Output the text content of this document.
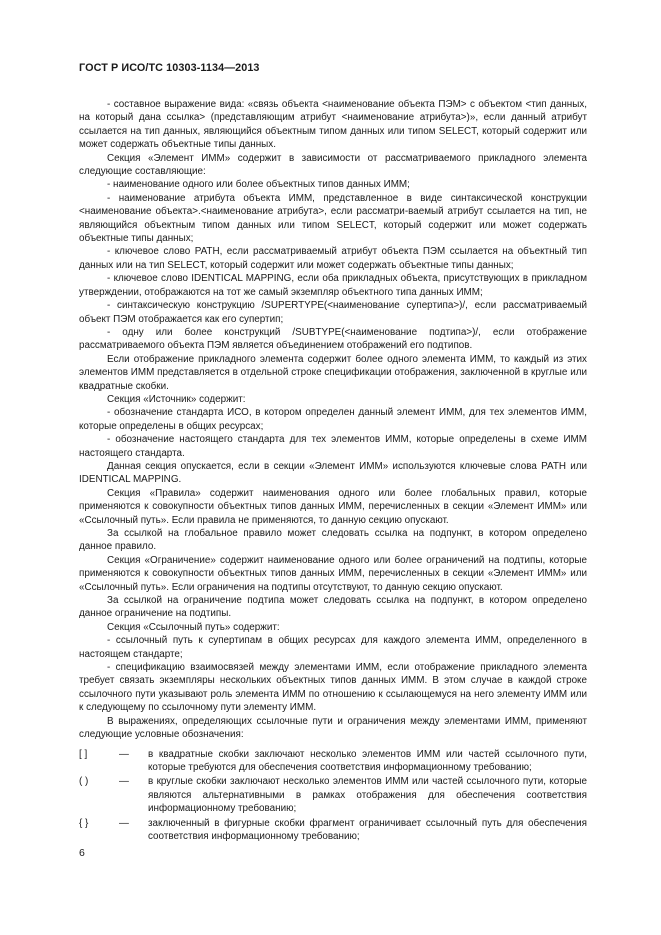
ГОСТ Р ИСО/ТС 10303-1134—2013

- составное выражение вида: «связь объекта <наименование объекта ПЭМ> с объектом <тип данных, на который дана ссылка> (представляющим атрибут <наименование атрибута>)», если данный атрибут ссылается на тип данных, являющийся объектным типом данных или типом SELECT, который содержит или может содержать объектные типы данных.

Секция «Элемент ИММ» содержит в зависимости от рассматриваемого прикладного элемента следующие составляющие:

- наименование одного или более объектных типов данных ИММ;

- наименование атрибута объекта ИММ, представленное в виде синтаксической конструкции <наименование объекта>.<наименование атрибута>, если рассматри-ваемый атрибут ссылается на тип, не являющийся объектным типом данных или типом SELECT, который содержит или может содержать объектные типы данных;

- ключевое слово PATH, если рассматриваемый атрибут объекта ПЭМ ссылается на объектный тип данных или на тип SELECT, который содержит или может содержать объектные типы данных;

- ключевое слово IDENTICAL MAPPING, если оба прикладных объекта, присутствующих в прикладном утверждении, отображаются на тот же самый экземпляр объектного типа данных ИММ;

- синтаксическую конструкцию /SUPERTYPE(<наименование супертипа>)/, если рассматриваемый объект ПЭМ отображается как его супертип;

- одну или более конструкций /SUBTYPE(<наименование подтипа>)/, если отображение рассматриваемого объекта ПЭМ является объединением отображений его подтипов.

Если отображение прикладного элемента содержит более одного элемента ИММ, то каждый из этих элементов ИММ представляется в отдельной строке спецификации отображения, заключенной в круглые или квадратные скобки.

Секция «Источник» содержит:

- обозначение стандарта ИСО, в котором определен данный элемент ИММ, для тех элементов ИММ, которые определены в общих ресурсах;

- обозначение настоящего стандарта для тех элементов ИММ, которые определены в схеме ИММ настоящего стандарта.

Данная секция опускается, если в секции «Элемент ИММ» используются ключевые слова PATH или IDENTICAL MAPPING.

Секция «Правила» содержит наименования одного или более глобальных правил, которые применяются к совокупности объектных типов данных ИММ, перечисленных в секции «Элемент ИММ» или «Ссылочный путь». Если правила не применяются, то данную секцию опускают.

За ссылкой на глобальное правило может следовать ссылка на подпункт, в котором определено данное правило.

Секция «Ограничение» содержит наименование одного или более ограничений на подтипы, которые применяются к совокупности объектных типов данных ИММ, перечисленных в секции «Элемент ИММ» или «Ссылочный путь». Если ограничения на подтипы отсутствуют, то данную секцию опускают.

За ссылкой на ограничение подтипа может следовать ссылка на подпункт, в котором определено данное ограничение на подтипы.

Секция «Ссылочный путь» содержит:

- ссылочный путь к супертипам в общих ресурсах для каждого элемента ИММ, определенного в настоящем стандарте;

- спецификацию взаимосвязей между элементами ИММ, если отображение прикладного элемента требует связать экземпляры нескольких объектных типов данных ИММ. В этом случае в каждой строке ссылочного пути указывают роль элемента ИММ по отношению к ссылающемуся на него элементу ИММ или к следующему по ссылочному пути элементу ИММ.

В выражениях, определяющих ссылочные пути и ограничения между элементами ИММ, применяют следующие условные обозначения:

[ ]	—	в квадратные скобки заключают несколько элементов ИММ или частей ссылочного пути, которые требуются для обеспечения соответствия информационному требованию;
( )	—	в круглые скобки заключают несколько элементов ИММ или частей ссылочного пути, которые являются альтернативными в рамках отображения для обеспечения соответствия информационному требованию;
{ }	—	заключенный в фигурные скобки фрагмент ограничивает ссылочный путь для обеспечения соответствия информационному требованию;
6
